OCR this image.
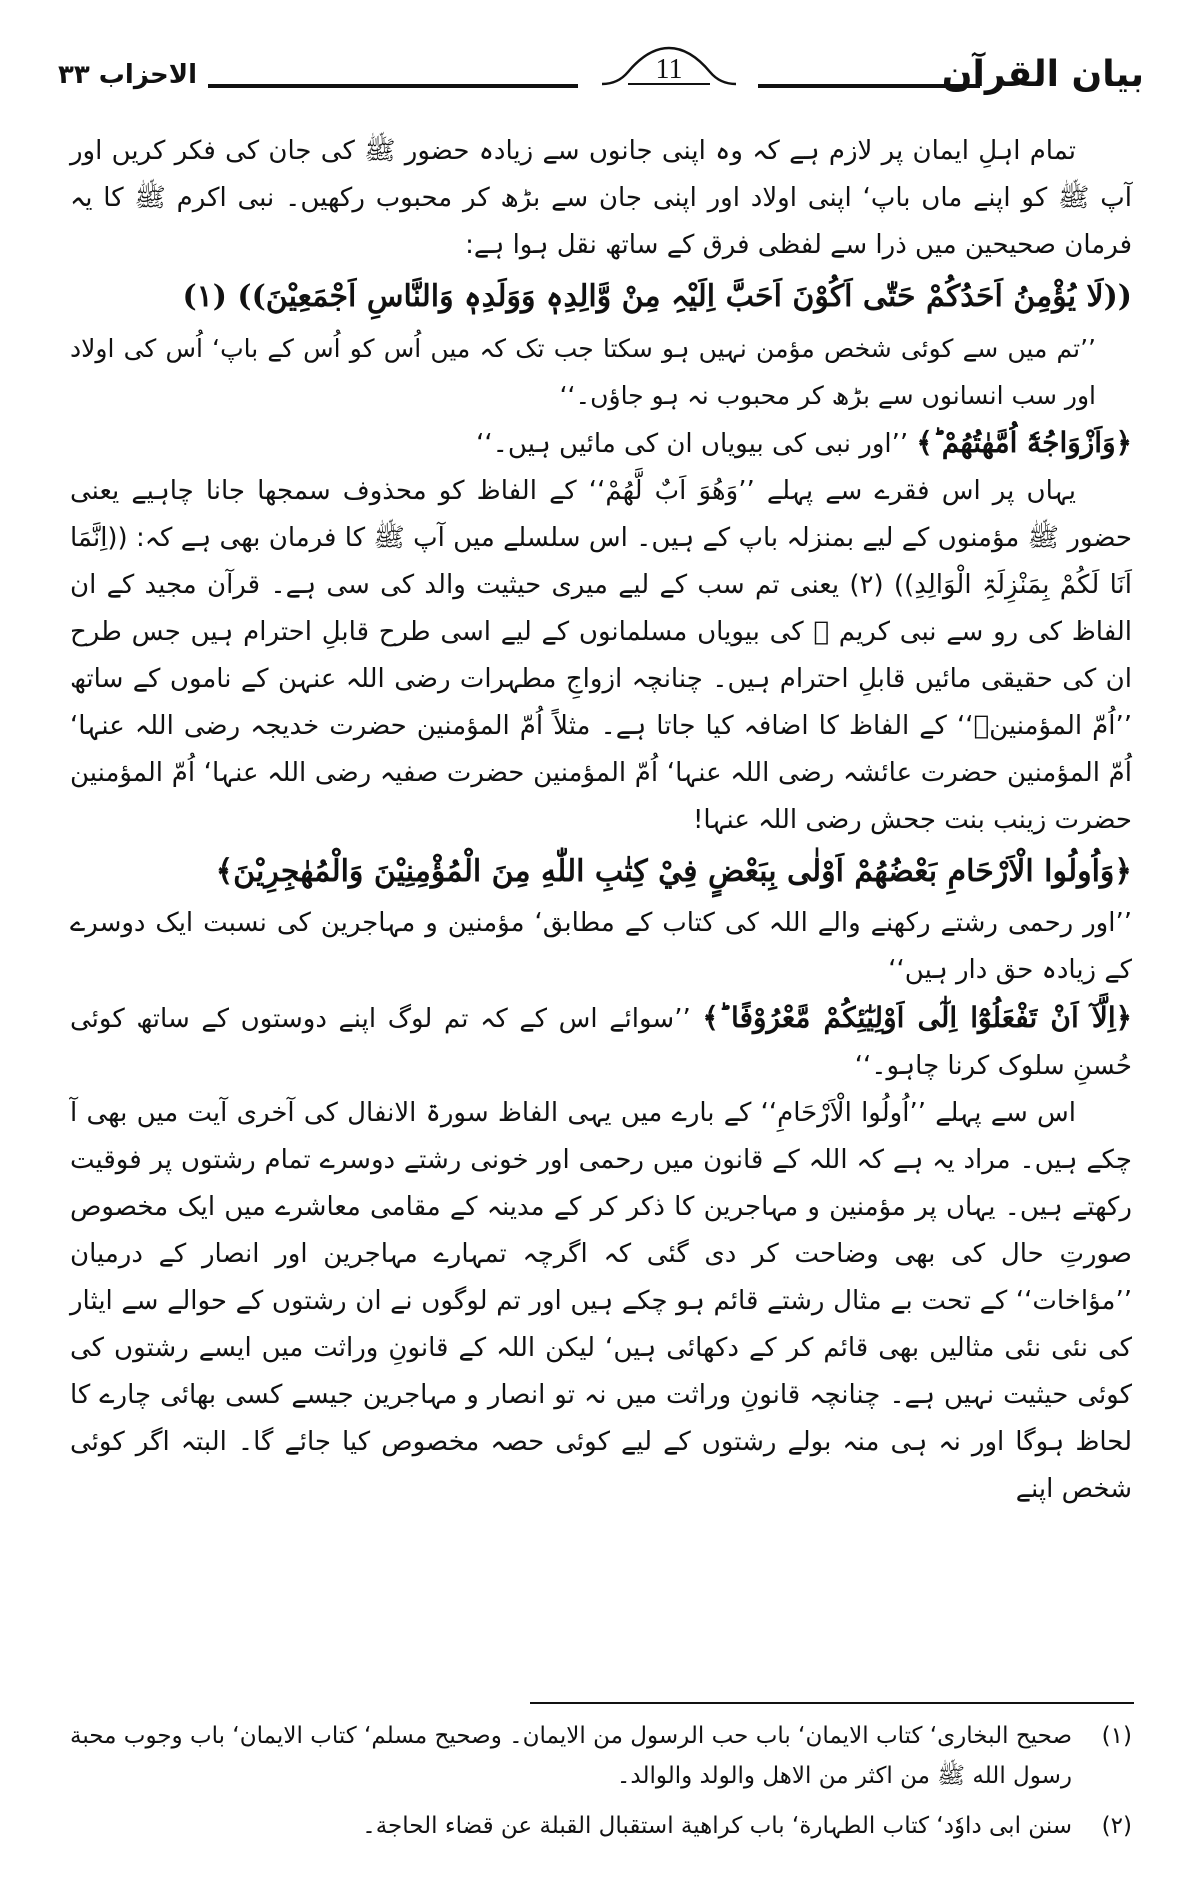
الاحزاب ۳۳	11	بیان القرآن

تمام اہلِ ایمان پر لازم ہے کہ وہ اپنی جانوں سے زیادہ حضور ﷺ کی جان کی فکر کریں اور آپ ﷺ کو اپنے ماں باپ‘ اپنی اولاد اور اپنی جان سے بڑھ کر محبوب رکھیں۔ نبی اکرم ﷺ کا یہ فرمان صحیحین میں ذرا سے لفظی فرق کے ساتھ نقل ہوا ہے:

((لَا یُؤْمِنُ اَحَدُکُمْ حَتّٰی اَکُوْنَ اَحَبَّ اِلَیْہِ مِنْ وَّالِدِہٖ وَوَلَدِہٖ وَالنَّاسِ اَجْمَعِیْنَ)) (۱)

’’تم میں سے کوئی شخص مؤمن نہیں ہو سکتا جب تک کہ میں اُس کو اُس کے باپ‘ اُس کی اولاد اور سب انسانوں سے بڑھ کر محبوب نہ ہو جاؤں۔‘‘

﴿وَاَزْوَاجُهٗٓ اُمَّهٰتُهُمْ ؕ﴾ ’’اور نبی کی بیویاں ان کی مائیں ہیں۔‘‘

یہاں پر اس فقرے سے پہلے ’’وَهُوَ اَبٌ لَّهُمْ‘‘ کے الفاظ کو محذوف سمجھا جانا چاہیے یعنی حضور ﷺ مؤمنوں کے لیے بمنزلہ باپ کے ہیں۔ اس سلسلے میں آپ ﷺ کا فرمان بھی ہے کہ: ((اِنَّمَا اَنَا لَکُمْ بِمَنْزِلَۃِ الْوَالِدِ)) (۲) یعنی تم سب کے لیے میری حیثیت والد کی سی ہے۔ قرآن مجید کے ان الفاظ کی رو سے نبی کریم ﷺ کی بیویاں مسلمانوں کے لیے اسی طرح قابلِ احترام ہیں جس طرح ان کی حقیقی مائیں قابلِ احترام ہیں۔ چنانچہ ازواجِ مطہرات رضی اللہ عنہن کے ناموں کے ساتھ ’’اُمّ المؤمنینؓ‘‘ کے الفاظ کا اضافہ کیا جاتا ہے۔ مثلاً اُمّ المؤمنین حضرت خدیجہ رضی اللہ عنہا‘ اُمّ المؤمنین حضرت عائشہ رضی اللہ عنہا‘ اُمّ المؤمنین حضرت صفیہ رضی اللہ عنہا‘ اُمّ المؤمنین حضرت زینب بنت جحش رضی اللہ عنہا!

﴿وَاُولُوا الْاَرْحَامِ بَعْضُهُمْ اَوْلٰى بِبَعْضٍ فِيْ كِتٰبِ اللّٰهِ مِنَ الْمُؤْمِنِيْنَ وَالْمُهٰجِرِيْنَ﴾

’’اور رحمی رشتے رکھنے والے اللہ کی کتاب کے مطابق‘ مؤمنین و مہاجرین کی نسبت ایک دوسرے کے زیادہ حق دار ہیں‘‘

﴿اِلَّآ اَنْ تَفْعَلُوْٓا اِلٰٓى اَوْلِيٰٓئِكُمْ مَّعْرُوْفًا ؕ﴾ ’’سوائے اس کے کہ تم لوگ اپنے دوستوں کے ساتھ کوئی حُسنِ سلوک کرنا چاہو۔‘‘

اس سے پہلے ’’اُولُوا الْاَرْحَامِ‘‘ کے بارے میں یہی الفاظ سورۃ الانفال کی آخری آیت میں بھی آ چکے ہیں۔ مراد یہ ہے کہ اللہ کے قانون میں رحمی اور خونی رشتے دوسرے تمام رشتوں پر فوقیت رکھتے ہیں۔ یہاں پر مؤمنین و مہاجرین کا ذکر کر کے مدینہ کے مقامی معاشرے میں ایک مخصوص صورتِ حال کی بھی وضاحت کر دی گئی کہ اگرچہ تمہارے مہاجرین اور انصار کے درمیان ’’مؤاخات‘‘ کے تحت بے مثال رشتے قائم ہو چکے ہیں اور تم لوگوں نے ان رشتوں کے حوالے سے ایثار کی نئی نئی مثالیں بھی قائم کر کے دکھائی ہیں‘ لیکن اللہ کے قانونِ وراثت میں ایسے رشتوں کی کوئی حیثیت نہیں ہے۔ چنانچہ قانونِ وراثت میں نہ تو انصار و مہاجرین جیسے کسی بھائی چارے کا لحاظ ہوگا اور نہ ہی منہ بولے رشتوں کے لیے کوئی حصہ مخصوص کیا جائے گا۔ البتہ اگر کوئی شخص اپنے

(۱)
صحیح البخاری‘ کتاب الایمان‘ باب حب الرسول من الایمان۔ وصحیح مسلم‘ کتاب الایمان‘ باب وجوب محبة رسول الله ﷺ من اكثر من الاهل والولد والوالد۔
(۲)
سنن ابی داوٗد‘ کتاب الطہارة‘ باب کراھیة استقبال القبلة عن قضاء الحاجة۔
